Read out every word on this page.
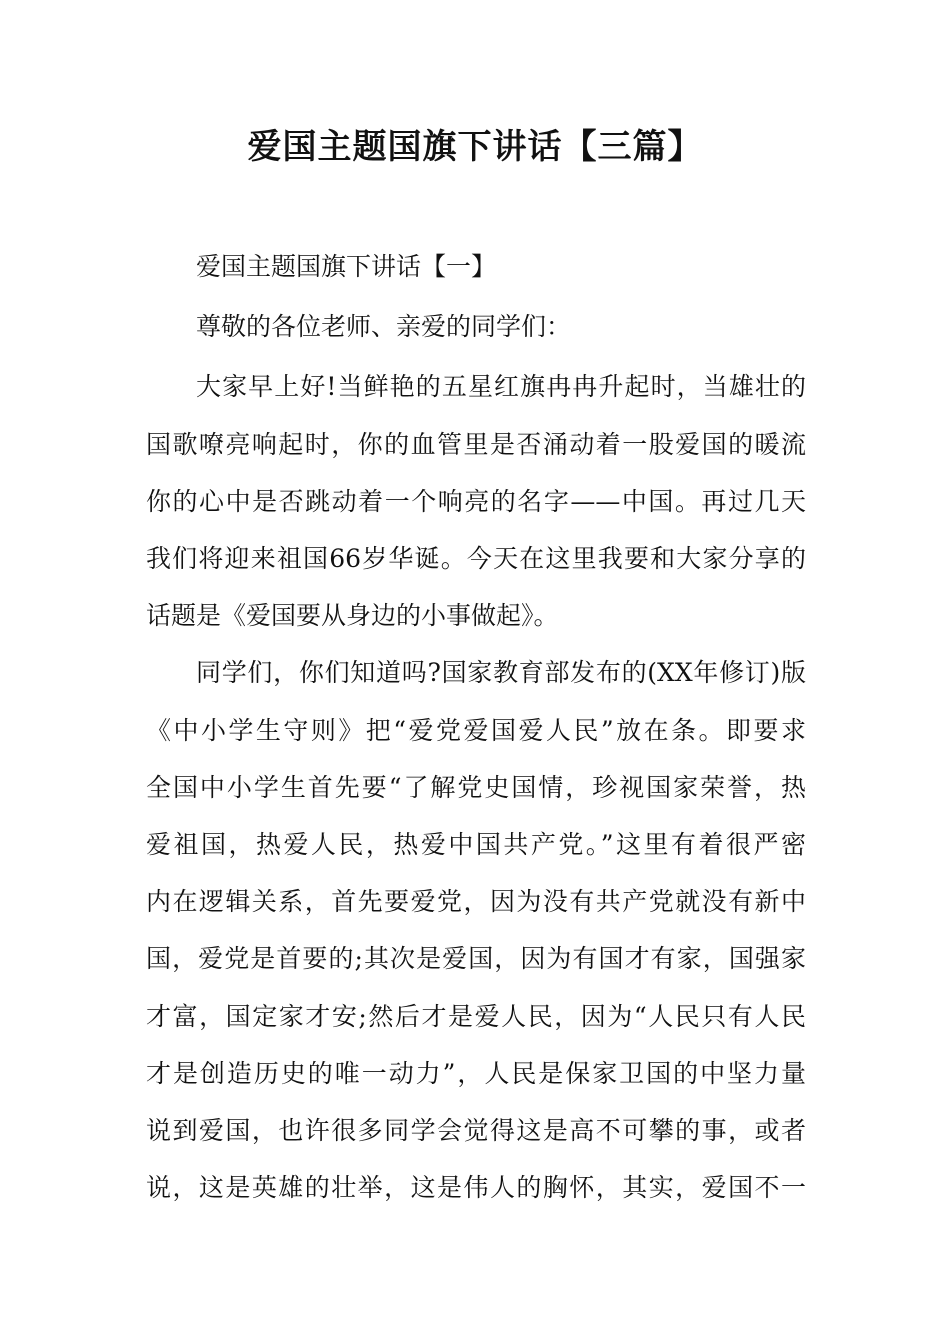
爱国主题国旗下讲话【三篇】

爱国主题国旗下讲话【一】

尊敬的各位老师、亲爱的同学们：

大家早上好!当鲜艳的五星红旗冉冉升起时，当雄壮的

国歌嘹亮响起时，你的血管里是否涌动着一股爱国的暖流

你的心中是否跳动着一个响亮的名字——中国。再过几天

我们将迎来祖国66岁华诞。今天在这里我要和大家分享的

话题是《爱国要从身边的小事做起》。

同学们，你们知道吗?国家教育部发布的(XX年修订)版

《中小学生守则》把“爱党爱国爱人民”放在条。即要求

全国中小学生首先要“了解党史国情，珍视国家荣誉，热

爱祖国，热爱人民，热爱中国共产党。”这里有着很严密

内在逻辑关系，首先要爱党，因为没有共产党就没有新中

国，爱党是首要的;其次是爱国，因为有国才有家，国强家

才富，国定家才安;然后才是爱人民，因为“人民只有人民

才是创造历史的唯一动力”，人民是保家卫国的中坚力量

说到爱国，也许很多同学会觉得这是高不可攀的事，或者

说，这是英雄的壮举，这是伟人的胸怀，其实，爱国不一
